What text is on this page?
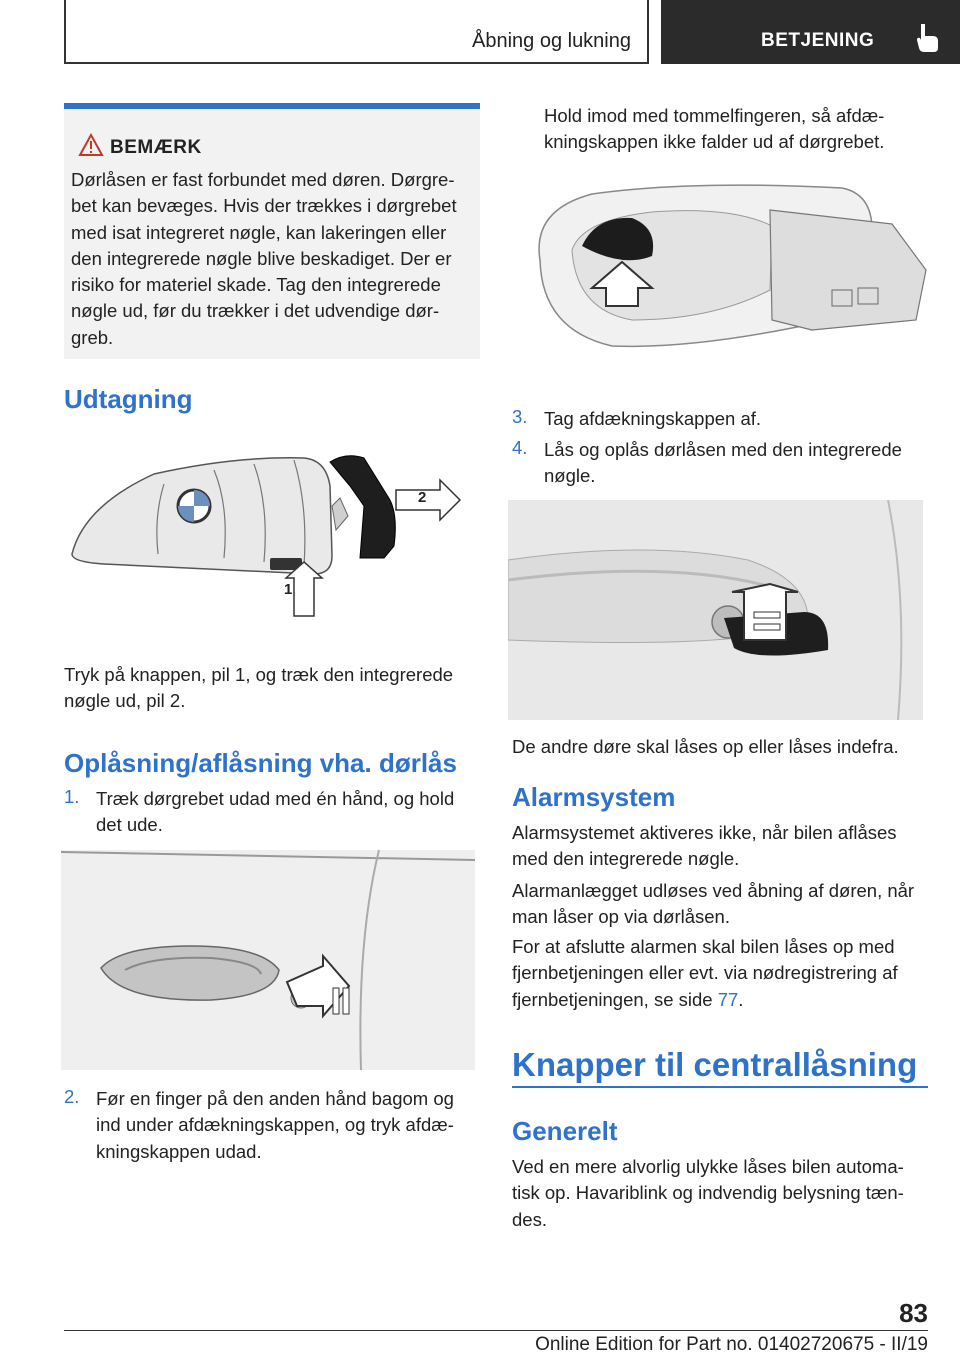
Åbning og lukning	BETJENING
BEMÆRK
Dørlåsen er fast forbundet med døren. Dørgre-
bet kan bevæges. Hvis der trækkes i dørgrebet
med isat integreret nøgle, kan lakeringen eller
den integrerede nøgle blive beskadiget. Der er
risiko for materiel skade. Tag den integrerede
nøgle ud, før du trækker i det udvendige dør-
greb.
Udtagning
1
2
Tryk på knappen, pil 1, og træk den integrerede
nøgle ud, pil 2.
Oplåsning/aflåsning vha. dørlås
1. Træk dørgrebet udad med én hånd, og hold
det ude.
2. Før en finger på den anden hånd bagom og
ind under afdækningskappen, og tryk afdæ-
kningskappen udad.
Hold imod med tommelfingeren, så afdæ-
kningskappen ikke falder ud af dørgrebet.
3. Tag afdækningskappen af.
4. Lås og oplås dørlåsen med den integrerede
nøgle.
De andre døre skal låses op eller låses indefra.
Alarmsystem
Alarmsystemet aktiveres ikke, når bilen aflåses
med den integrerede nøgle.
Alarmanlægget udløses ved åbning af døren, når
man låser op via dørlåsen.
For at afslutte alarmen skal bilen låses op med
fjernbetjeningen eller evt. via nødregistrering af
fjernbetjeningen, se side 77.
Knapper til centrallåsning
Generelt
Ved en mere alvorlig ulykke låses bilen automa-
tisk op. Havariblink og indvendig belysning tæn-
des.
83
Online Edition for Part no. 01402720675 - II/19
